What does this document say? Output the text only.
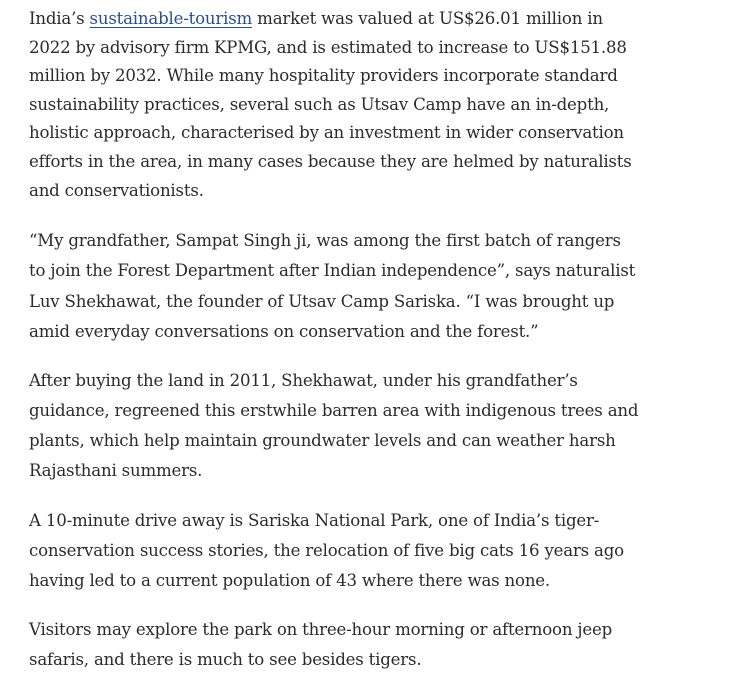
India’s sustainable-tourism market was valued at US$26.01 million in
2022 by advisory firm KPMG, and is estimated to increase to US$151.88
million by 2032. While many hospitality providers incorporate standard
sustainability practices, several such as Utsav Camp have an in-depth,
holistic approach, characterised by an investment in wider conservation
efforts in the area, in many cases because they are helmed by naturalists
and conservationists.

“My grandfather, Sampat Singh ji, was among the first batch of rangers
to join the Forest Department after Indian independence”, says naturalist
Luv Shekhawat, the founder of Utsav Camp Sariska. “I was brought up
amid everyday conversations on conservation and the forest.”

After buying the land in 2011, Shekhawat, under his grandfather’s
guidance, regreened this erstwhile barren area with indigenous trees and
plants, which help maintain groundwater levels and can weather harsh
Rajasthani summers.

A 10-minute drive away is Sariska National Park, one of India’s tiger-
conservation success stories, the relocation of five big cats 16 years ago
having led to a current population of 43 where there was none.

Visitors may explore the park on three-hour morning or afternoon jeep
safaris, and there is much to see besides tigers.
